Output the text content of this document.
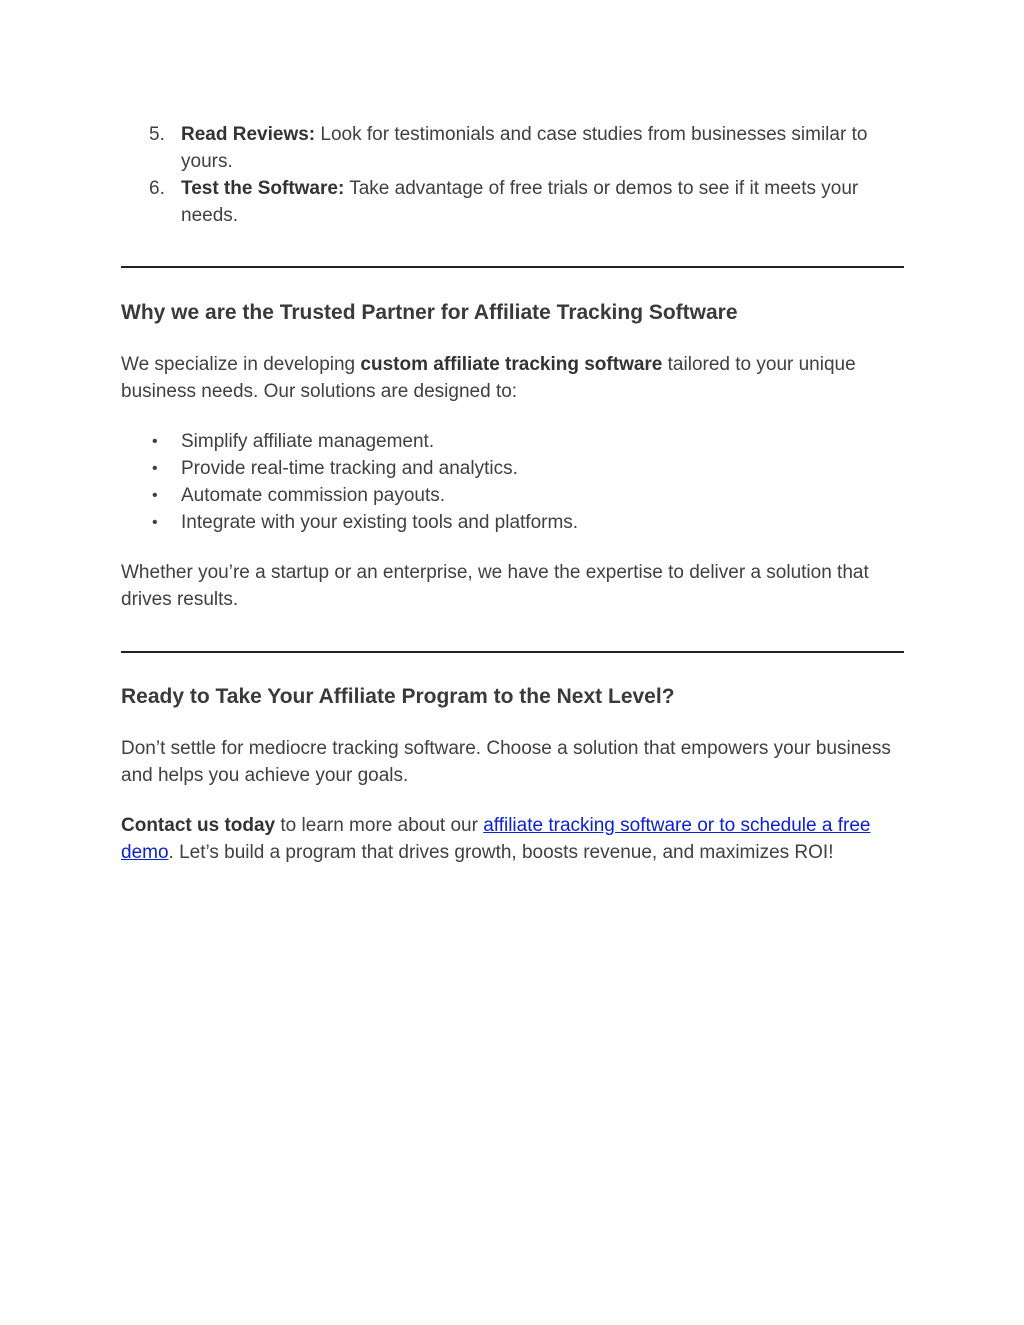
5. Read Reviews: Look for testimonials and case studies from businesses similar to yours.
6. Test the Software: Take advantage of free trials or demos to see if it meets your needs.
Why we are the Trusted Partner for Affiliate Tracking Software

We specialize in developing custom affiliate tracking software tailored to your unique business needs. Our solutions are designed to:

• Simplify affiliate management.
• Provide real-time tracking and analytics.
• Automate commission payouts.
• Integrate with your existing tools and platforms.

Whether you’re a startup or an enterprise, we have the expertise to deliver a solution that drives results.

Ready to Take Your Affiliate Program to the Next Level?

Don’t settle for mediocre tracking software. Choose a solution that empowers your business and helps you achieve your goals.

Contact us today to learn more about our affiliate tracking software or to schedule a free demo. Let’s build a program that drives growth, boosts revenue, and maximizes ROI!
